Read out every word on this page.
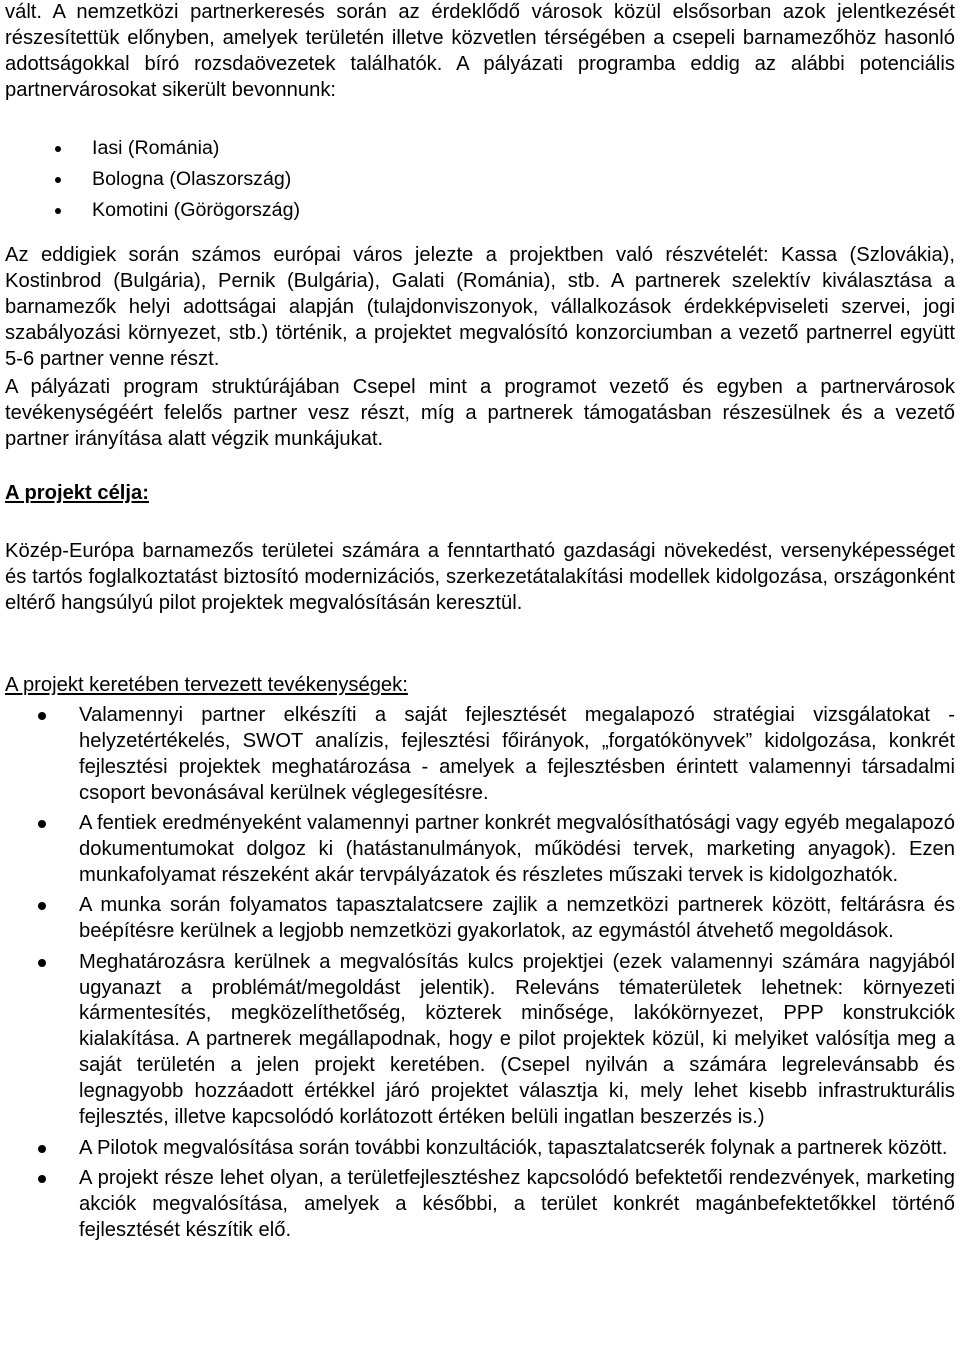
vált. A nemzetközi partnerkeresés során az érdeklődő városok közül elsősorban azok jelentkezését részesítettük előnyben, amelyek területén illetve közvetlen térségében a csepeli barnamezőhöz hasonló adottságokkal bíró rozsdaövezetek találhatók. A pályázati programba eddig az alábbi potenciális partnervárosokat sikerült bevonnunk:

Iasi (Románia)
Bologna (Olaszország)
Komotini (Görögország)

Az eddigiek során számos európai város jelezte a projektben való részvételét: Kassa (Szlovákia), Kostinbrod (Bulgária), Pernik (Bulgária), Galati (Románia), stb. A partnerek szelektív kiválasztása a barnamezők helyi adottságai alapján (tulajdonviszonyok, vállalkozások érdekképviseleti szervei, jogi szabályozási környezet, stb.) történik, a projektet megvalósító konzorciumban a vezető partnerrel együtt 5-6 partner venne részt.

A pályázati program struktúrájában Csepel mint a programot vezető és egyben a partnervárosok tevékenységéért felelős partner vesz részt, míg a partnerek támogatásban részesülnek és a vezető partner irányítása alatt végzik munkájukat.

A projekt célja:

Közép-Európa barnamezős területei számára a fenntartható gazdasági növekedést, versenyképességet és tartós foglalkoztatást biztosító modernizációs, szerkezetátalakítási modellek kidolgozása, országonként eltérő hangsúlyú pilot projektek megvalósításán keresztül.

A projekt keretében tervezett tevékenységek:

Valamennyi partner elkészíti a saját fejlesztését megalapozó stratégiai vizsgálatokat - helyzetértékelés, SWOT analízis, fejlesztési főirányok, „forgatókönyvek” kidolgozása, konkrét fejlesztési projektek meghatározása - amelyek a fejlesztésben érintett valamennyi társadalmi csoport bevonásával kerülnek véglegesítésre.
A fentiek eredményeként valamennyi partner konkrét megvalósíthatósági vagy egyéb megalapozó dokumentumokat dolgoz ki (hatástanulmányok, működési tervek, marketing anyagok). Ezen munkafolyamat részeként akár tervpályázatok és részletes műszaki tervek is kidolgozhatók.
A munka során folyamatos tapasztalatcsere zajlik a nemzetközi partnerek között, feltárásra és beépítésre kerülnek a legjobb nemzetközi gyakorlatok, az egymástól átvehető megoldások.
Meghatározásra kerülnek a megvalósítás kulcs projektjei (ezek valamennyi számára nagyjából ugyanazt a problémát/megoldást jelentik). Releváns tématerületek lehetnek: környezeti kármentesítés, megközelíthetőség, közterek minősége, lakókörnyezet, PPP konstrukciók kialakítása. A partnerek megállapodnak, hogy e pilot projektek közül, ki melyiket valósítja meg a saját területén a jelen projekt keretében. (Csepel nyilván a számára legrelevánsabb és legnagyobb hozzáadott értékkel járó projektet választja ki, mely lehet kisebb infrastrukturális fejlesztés, illetve kapcsolódó korlátozott értéken belüli ingatlan beszerzés is.)
A Pilotok megvalósítása során további konzultációk, tapasztalatcserék folynak a partnerek között.
A projekt része lehet olyan, a területfejlesztéshez kapcsolódó befektetői rendezvények, marketing akciók megvalósítása, amelyek a későbbi, a terület konkrét magánbefektetőkkel történő fejlesztését készítik elő.
